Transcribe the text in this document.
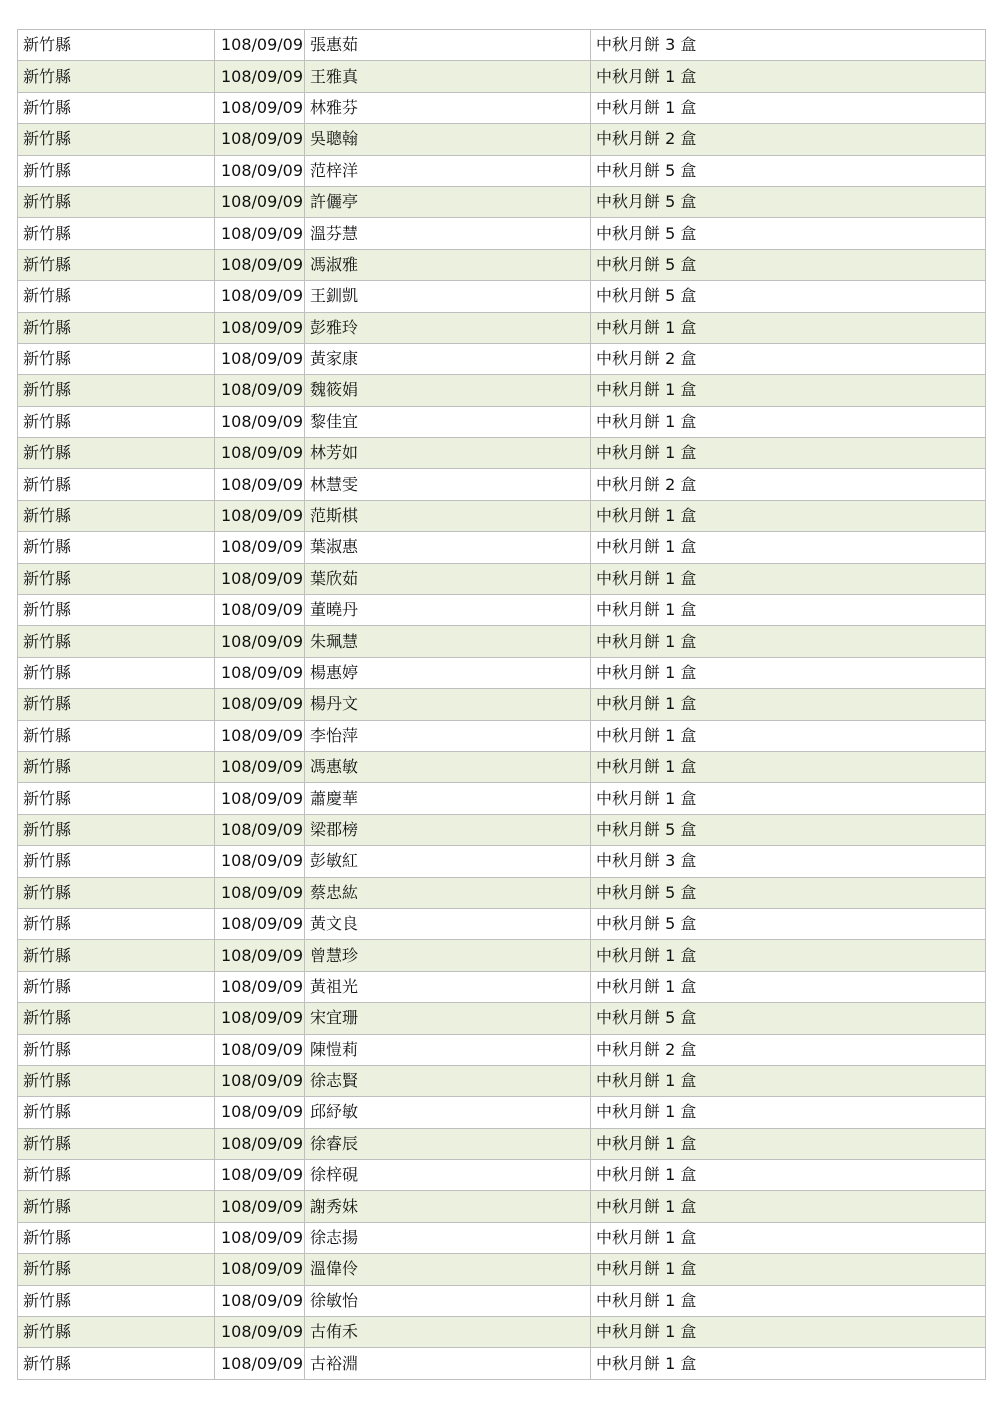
新竹縣	108/09/09	張惠茹	中秋月餅 3 盒
新竹縣	108/09/09	王雅真	中秋月餅 1 盒
新竹縣	108/09/09	林雅芬	中秋月餅 1 盒
新竹縣	108/09/09	吳聰翰	中秋月餅 2 盒
新竹縣	108/09/09	范梓洋	中秋月餅 5 盒
新竹縣	108/09/09	許儷亭	中秋月餅 5 盒
新竹縣	108/09/09	溫芬慧	中秋月餅 5 盒
新竹縣	108/09/09	馮淑雅	中秋月餅 5 盒
新竹縣	108/09/09	王釧凱	中秋月餅 5 盒
新竹縣	108/09/09	彭雅玲	中秋月餅 1 盒
新竹縣	108/09/09	黃家康	中秋月餅 2 盒
新竹縣	108/09/09	魏筱娟	中秋月餅 1 盒
新竹縣	108/09/09	黎佳宜	中秋月餅 1 盒
新竹縣	108/09/09	林芳如	中秋月餅 1 盒
新竹縣	108/09/09	林慧雯	中秋月餅 2 盒
新竹縣	108/09/09	范斯棋	中秋月餅 1 盒
新竹縣	108/09/09	葉淑惠	中秋月餅 1 盒
新竹縣	108/09/09	葉欣茹	中秋月餅 1 盒
新竹縣	108/09/09	董曉丹	中秋月餅 1 盒
新竹縣	108/09/09	朱珮慧	中秋月餅 1 盒
新竹縣	108/09/09	楊惠婷	中秋月餅 1 盒
新竹縣	108/09/09	楊丹文	中秋月餅 1 盒
新竹縣	108/09/09	李怡萍	中秋月餅 1 盒
新竹縣	108/09/09	馮惠敏	中秋月餅 1 盒
新竹縣	108/09/09	蕭慶華	中秋月餅 1 盒
新竹縣	108/09/09	梁郡榜	中秋月餅 5 盒
新竹縣	108/09/09	彭敏紅	中秋月餅 3 盒
新竹縣	108/09/09	蔡忠紘	中秋月餅 5 盒
新竹縣	108/09/09	黃文良	中秋月餅 5 盒
新竹縣	108/09/09	曾慧珍	中秋月餅 1 盒
新竹縣	108/09/09	黃祖光	中秋月餅 1 盒
新竹縣	108/09/09	宋宜珊	中秋月餅 5 盒
新竹縣	108/09/09	陳愷莉	中秋月餅 2 盒
新竹縣	108/09/09	徐志賢	中秋月餅 1 盒
新竹縣	108/09/09	邱紓敏	中秋月餅 1 盒
新竹縣	108/09/09	徐睿辰	中秋月餅 1 盒
新竹縣	108/09/09	徐梓硯	中秋月餅 1 盒
新竹縣	108/09/09	謝秀妹	中秋月餅 1 盒
新竹縣	108/09/09	徐志揚	中秋月餅 1 盒
新竹縣	108/09/09	溫偉伶	中秋月餅 1 盒
新竹縣	108/09/09	徐敏怡	中秋月餅 1 盒
新竹縣	108/09/09	古侑禾	中秋月餅 1 盒
新竹縣	108/09/09	古裕淵	中秋月餅 1 盒
